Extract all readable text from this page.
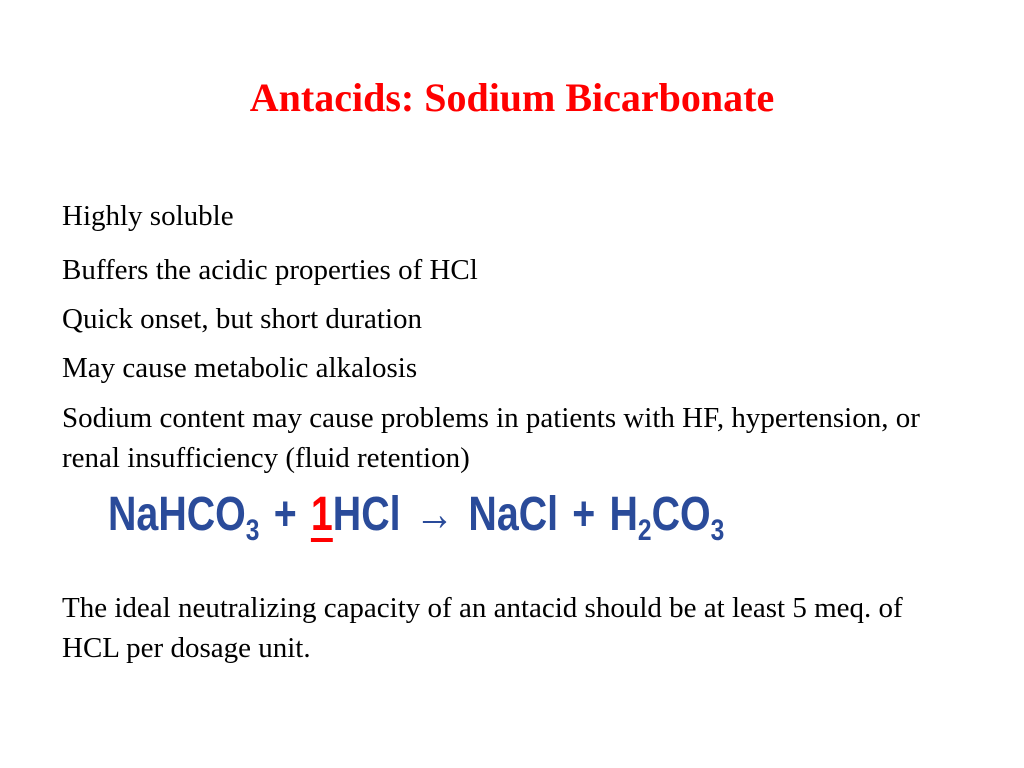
Antacids: Sodium Bicarbonate
Highly soluble
Buffers the acidic properties of HCl
Quick onset, but short duration
May cause metabolic alkalosis
Sodium content may cause problems in patients with HF, hypertension, or renal insufficiency (fluid retention)
NaHCO$_3$ + 1HCl → NaCl + $H_2CO_3$
The ideal neutralizing capacity of an antacid should be at least 5 meq. of HCL per dosage unit.
